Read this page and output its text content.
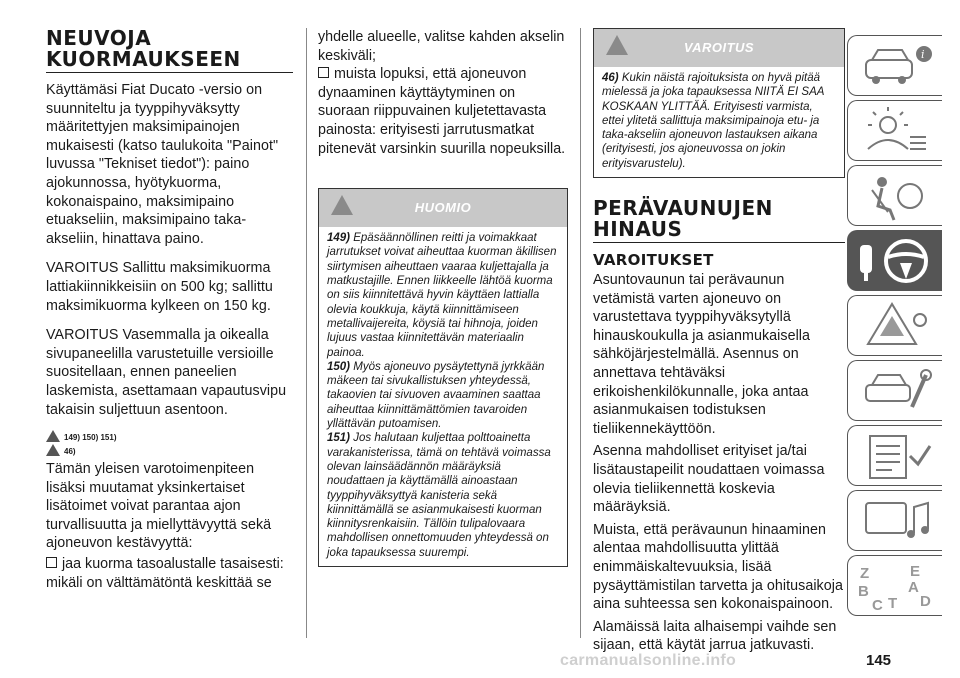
NEUVOJA
KUORMAUKSEEN

Käyttämäsi Fiat Ducato -versio on suunniteltu ja tyyppihyväksytty määritettyjen maksimipainojen mukaisesti (katso taulukoita "Painot" luvussa "Tekniset tiedot"): paino ajokunnossa, hyötykuorma, kokonaispaino, maksimipaino etuakseliin, maksimipaino taka-akseliin, hinattava paino.

VAROITUS Sallittu maksimikuorma lattiakiinnikkeisiin on 500 kg; sallittu maksimikuorma kylkeen on 150 kg.

VAROITUS Vasemmalla ja oikealla sivupaneelilla varustetuille versioille suositellaan, ennen paneelien laskemista, asettamaan vapautusvipu takaisin suljettuun asentoon.

149) 150) 151)

46)

Tämän yleisen varotoimenpiteen lisäksi muutamat yksinkertaiset lisätoimet voivat parantaa ajon turvallisuutta ja miellyttävyyttä sekä ajoneuvon kestävyyttä:

jaa kuorma tasoalustalle tasaisesti: mikäli on välttämätöntä keskittää se

yhdelle alueelle, valitse kahden akselin keskiväli;

muista lopuksi, että ajoneuvon dynaaminen käyttäytyminen on suoraan riippuvainen kuljetettavasta painosta: erityisesti jarrutusmatkat pitenevät varsinkin suurilla nopeuksilla.

HUOMIO
149) Epäsäännöllinen reitti ja voimakkaat jarrutukset voivat aiheuttaa kuorman äkillisen siirtymisen aiheuttaen vaaraa kuljettajalla ja matkustajille. Ennen liikkeelle lähtöä kuorma on siis kiinnitettävä hyvin käyttäen lattialla olevia koukkuja, käytä kiinnittämiseen metallivaijereita, köysiä tai hihnoja, joiden lujuus vastaa kiinnitettävän materiaalin painoa.
150) Myös ajoneuvo pysäytettynä jyrkkään mäkeen tai sivukallistuksen yhteydessä, takaovien tai sivuoven avaaminen saattaa aiheuttaa kiinnittämättömien tavaroiden yllättävän putoamisen.
151) Jos halutaan kuljettaa polttoainetta varakanisterissa, tämä on tehtävä voimassa olevan lainsäädännön määräyksiä noudattaen ja käyttämällä ainoastaan tyyppihyväksyttyä kanisteria sekä kiinnittämällä se asianmukaisesti kuorman kiinnitysrenkaisiin. Tällöin tulipalovaara mahdollisen onnettomuuden yhteydessä on joka tapauksessa suurempi.
VAROITUS
46) Kukin näistä rajoituksista on hyvä pitää mielessä ja joka tapauksessa NIITÄ EI SAA KOSKAAN YLITTÄÄ. Erityisesti varmista, ettei ylitetä sallittuja maksimipainoja etu- ja taka-akseliin ajoneuvon lastauksen aikana (erityisesti, jos ajoneuvossa on jokin erityisvarustelu).
PERÄVAUNUJEN
HINAUS
VAROITUKSET

Asuntovaunun tai perävaunun vetämistä varten ajoneuvo on varustettava tyyppihyväksytyllä hinauskoukulla ja asianmukaisella sähköjärjestelmällä. Asennus on annettava tehtäväksi erikoishenkilökunnalle, joka antaa asianmukaisen todistuksen tieliikennekäyttöön.

Asenna mahdolliset erityiset ja/tai lisätaustapeilit noudattaen voimassa olevia tieliikennettä koskevia määräyksiä.

Muista, että perävaunun hinaaminen alentaa mahdollisuutta ylittää enimmäiskaltevuuksia, lisää pysäyttämistilan tarvetta ja ohitusaikoja aina suhteessa sen kokonaispainoon.

Alamäissä laita alhaisempi vaihde sen sijaan, että käytät jarrua jatkuvasti.

i
Z	E
A
B
C T D
carmanualsonline.info	145
